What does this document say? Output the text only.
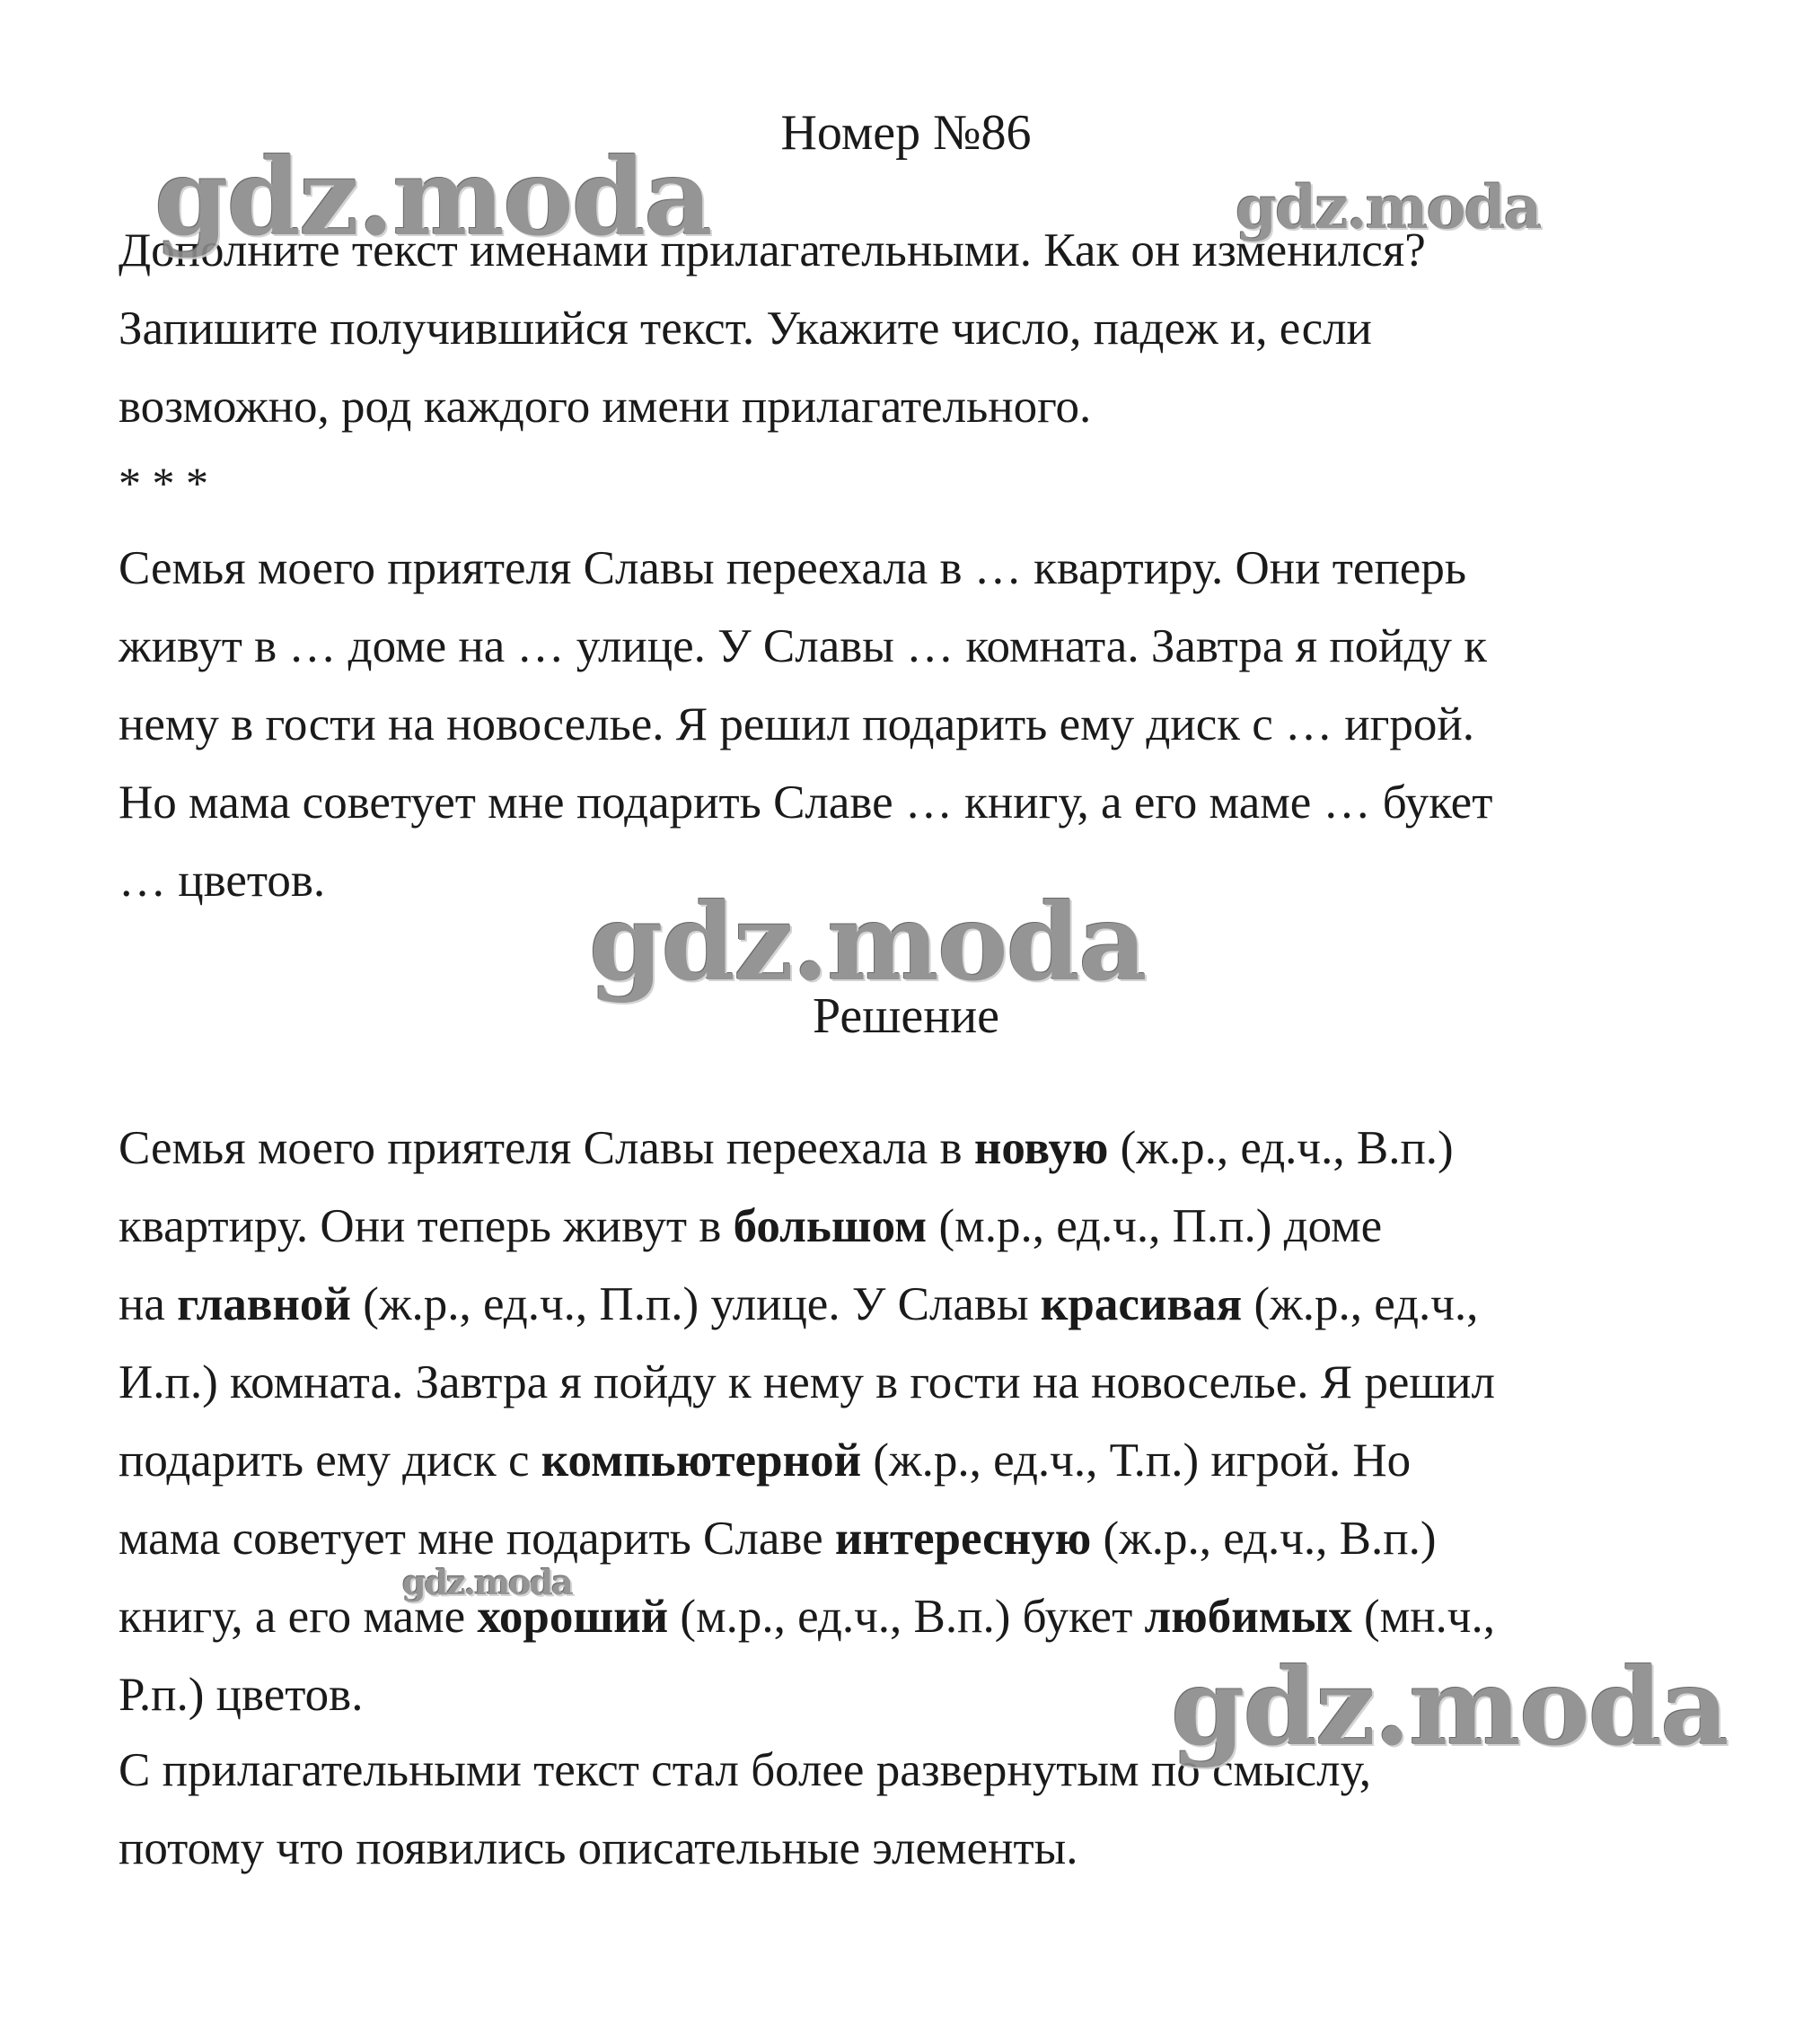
Номер №86
Дополните текст именами прилагательными. Как он изменился?
Запишите получившийся текст. Укажите число, падеж и, если
возможно, род каждого имени прилагательного.
* * *
Семья моего приятеля Славы переехала в … квартиру. Они теперь
живут в … доме на … улице. У Славы … комната. Завтра я пойду к
нему в гости на новоселье. Я решил подарить ему диск с … игрой.
Но мама советует мне подарить Славе … книгу, а его маме … букет
… цветов.
Решение
Семья моего приятеля Славы переехала в новую (ж.р., ед.ч., В.п.)
квартиру. Они теперь живут в большом (м.р., ед.ч., П.п.) доме
на главной (ж.р., ед.ч., П.п.) улице. У Славы красивая (ж.р., ед.ч.,
И.п.) комната. Завтра я пойду к нему в гости на новоселье. Я решил
подарить ему диск с компьютерной (ж.р., ед.ч., Т.п.) игрой. Но
мама советует мне подарить Славе интересную (ж.р., ед.ч., В.п.)
книгу, а его маме хороший (м.р., ед.ч., В.п.) букет любимых (мн.ч.,
Р.п.) цветов.
С прилагательными текст стал более развернутым по смыслу,
потому что появились описательные элементы.
gdz.moda	gdz.moda
gdz.moda
gdz.moda
gdz.moda
